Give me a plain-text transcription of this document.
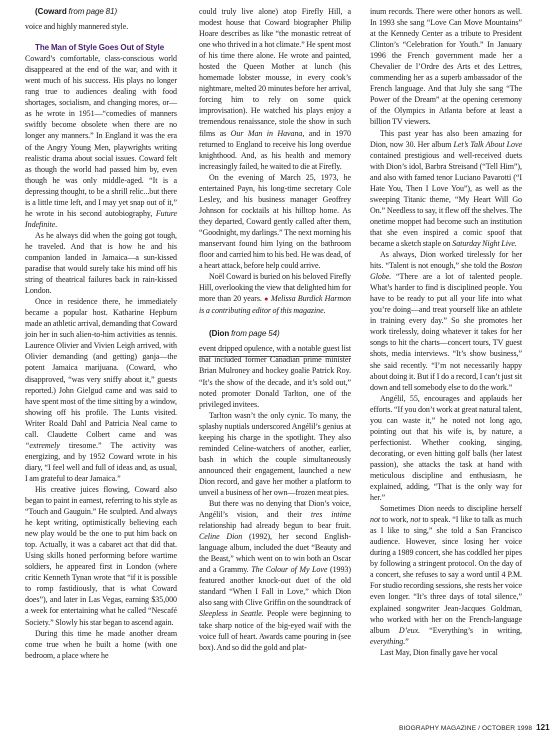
(Coward from page 81)

voice and highly mannered style.

The Man of Style Goes Out of Style

Coward’s comfortable, class-conscious world disappeared at the end of the war, and with it went much of his success. His plays no longer rang true to audiences dealing with food shortages, socialism, and changing mores, or—as he wrote in 1951—“comedies of manners swiftly become obsolete when there are no longer any manners.” In England it was the era of the Angry Young Men, playwrights writing realistic drama about social issues. Coward felt as though the world had passed him by, even though he was only middle-aged. “It is a depressing thought, to be a shrill relic...but there is a little time left, and I may yet snap out of it,” he wrote in his second autobiography, Future Indefinite.

As he always did when the going got tough, he traveled. And that is how he and his companion landed in Jamaica—a sun-kissed paradise that would surely take his mind off his string of theatrical failures back in rain-kissed London.

Once in residence there, he immediately became a popular host. Katharine Hepburn made an athletic arrival, demanding that Coward join her in such alien-to-him activities as tennis. Laurence Olivier and Vivien Leigh arrived, with Olivier demanding (and getting) ganja—the potent Jamaica marijuana. (Coward, who disapproved, “was very sniffy about it,” guests reported.) John Gielgud came and was said to have spent most of the time sitting by a window, showing off his profile. The Lunts visited. Writer Roald Dahl and Patricia Neal came to call. Claudette Colbert came and was “extremely tiresome.” The activity was energizing, and by 1952 Coward wrote in his diary, “I feel well and full of ideas and, as usual, I am grateful to dear Jamaica.”

His creative juices flowing, Coward also began to paint in earnest, referring to his style as “Touch and Gauguin.” He sculpted. And always he kept writing, optimistically believing each new play would be the one to put him back on top. Actually, it was a cabaret act that did that. Using skills honed performing before wartime soldiers, he appeared first in London (where critic Kenneth Tynan wrote that “if it is possible to romp fastidiously, that is what Coward does”), and later in Las Vegas, earning $35,000 a week for entertaining what he called “Nescafé Society.” Slowly his star began to ascend again.

During this time he made another dream come true when he built a home (with one bedroom, a place where he

could truly live alone) atop Firefly Hill, a modest house that Coward biographer Philip Hoare describes as like “the monastic retreat of one who thrived in a hot climate.” He spent most of his time there alone. He wrote and painted, hosted the Queen Mother at lunch (his homemade lobster mousse, in every cook’s nightmare, melted 20 minutes before her arrival, forcing him to rely on some quick improvisation). He watched his plays enjoy a tremendous renaissance, stole the show in such films as Our Man in Havana, and in 1970 returned to England to receive his long overdue knighthood. And, as his health and memory increasingly failed, he waited to die at Firefly.

On the evening of March 25, 1973, he entertained Payn, his long-time secretary Cole Lesley, and his business manager Geoffrey Johnson for cocktails at his hilltop home. As they departed, Coward gently called after them, “Goodnight, my darlings.” The next morning his manservant found him lying on the bathroom floor and carried him to his bed. He was dead, of a heart attack, before help could arrive.

Noël Coward is buried on his beloved Firefly Hill, overlooking the view that delighted him for more than 20 years. ● Melissa Burdick Harmon is a contributing editor of this magazine.

(Dion from page 54)

event dripped opulence, with a notable guest list that included former Canadian prime minister Brian Mulroney and hockey goalie Patrick Roy. “It’s the show of the decade, and it’s sold out,” noted promoter Donald Tarlton, one of the privileged invitees.

Tarlton wasn’t the only cynic. To many, the splashy nuptials underscored Angélil’s genius at keeping his charge in the spotlight. They also reminded Celine-watchers of another, earlier, bash in which the couple simultaneously announced their engagement, launched a new Dion record, and gave her mother a platform to unveil a business of her own—frozen meat pies.

But there was no denying that Dion’s voice, Angélil’s vision, and their tres intime relationship had already begun to bear fruit. Celine Dion (1992), her second English-language album, included the duet “Beauty and the Beast,” which went on to win both an Oscar and a Grammy. The Colour of My Love (1993) featured another knock-out duet of the old standard “When I Fall in Love,” which Dion also sang with Clive Griffin on the soundtrack of Sleepless in Seattle. People were beginning to take sharp notice of the big-eyed waif with the voice full of heart. Awards came pouring in (see box). And so did the gold and plat-

inum records. There were other honors as well. In 1993 she sang “Love Can Move Mountains” at the Kennedy Center as a tribute to President Clinton’s “Celebration for Youth.” In January 1996 the French government made her a Chevalier de l’Ordre des Arts et des Lettres, commending her as a superb ambassador of the French language. And that July she sang “The Power of the Dream” at the opening ceremony of the Olympics in Atlanta before at least a billion TV viewers.

This past year has also been amazing for Dion, now 30. Her album Let’s Talk About Love contained prestigious and well-received duets with Dion’s idol, Barbra Streisand (“Tell Him”), and also with famed tenor Luciano Pavarotti (“I Hate You, Then I Love You”), as well as the sweeping Titanic theme, “My Heart Will Go On.” Needless to say, it flew off the shelves. The onetime moppet had become such an institution that she even inspired a comic spoof that became a sketch staple on Saturday Night Live.

As always, Dion worked tirelessly for her hits. “Talent is not enough,” she told the Boston Globe. “There are a lot of talented people. What’s harder to find is disciplined people. You have to be ready to put all your life into what you’re doing—and treat yourself like an athlete in training every day.” So she promotes her work tirelessly, doing whatever it takes for her songs to hit the charts—concert tours, TV guest shots, media interviews. “It’s show business,” she said recently. “I’m not necessarily happy about doing it. But if I do a record, I can’t just sit down and tell somebody else to do the work.”

Angélil, 55, encourages and applauds her efforts. “If you don’t work at great natural talent, you can waste it,” he noted not long ago, pointing out that his wife is, by nature, a perfectionist. Whether cooking, singing, decorating, or even hitting golf balls (her latest passion), she attacks the task at hand with meticulous discipline and enthusiasm, he explained, adding, “That is the only way for her.”

Sometimes Dion needs to discipline herself not to work, not to speak. “I like to talk as much as I like to sing,” she told a San Francisco audience. However, since losing her voice during a 1989 concert, she has coddled her pipes by following a stringent protocol. On the day of a concert, she refuses to say a word until 4 P.M. For studio recording sessions, she rests her voice even longer. “It’s three days of total silence,” explained songwriter Jean-Jacques Goldman, who worked with her on the French-language album D’eux. “Everything’s in writing, everything.”

Last May, Dion finally gave her vocal

BIOGRAPHY MAGAZINE / OCTOBER 1998 121
